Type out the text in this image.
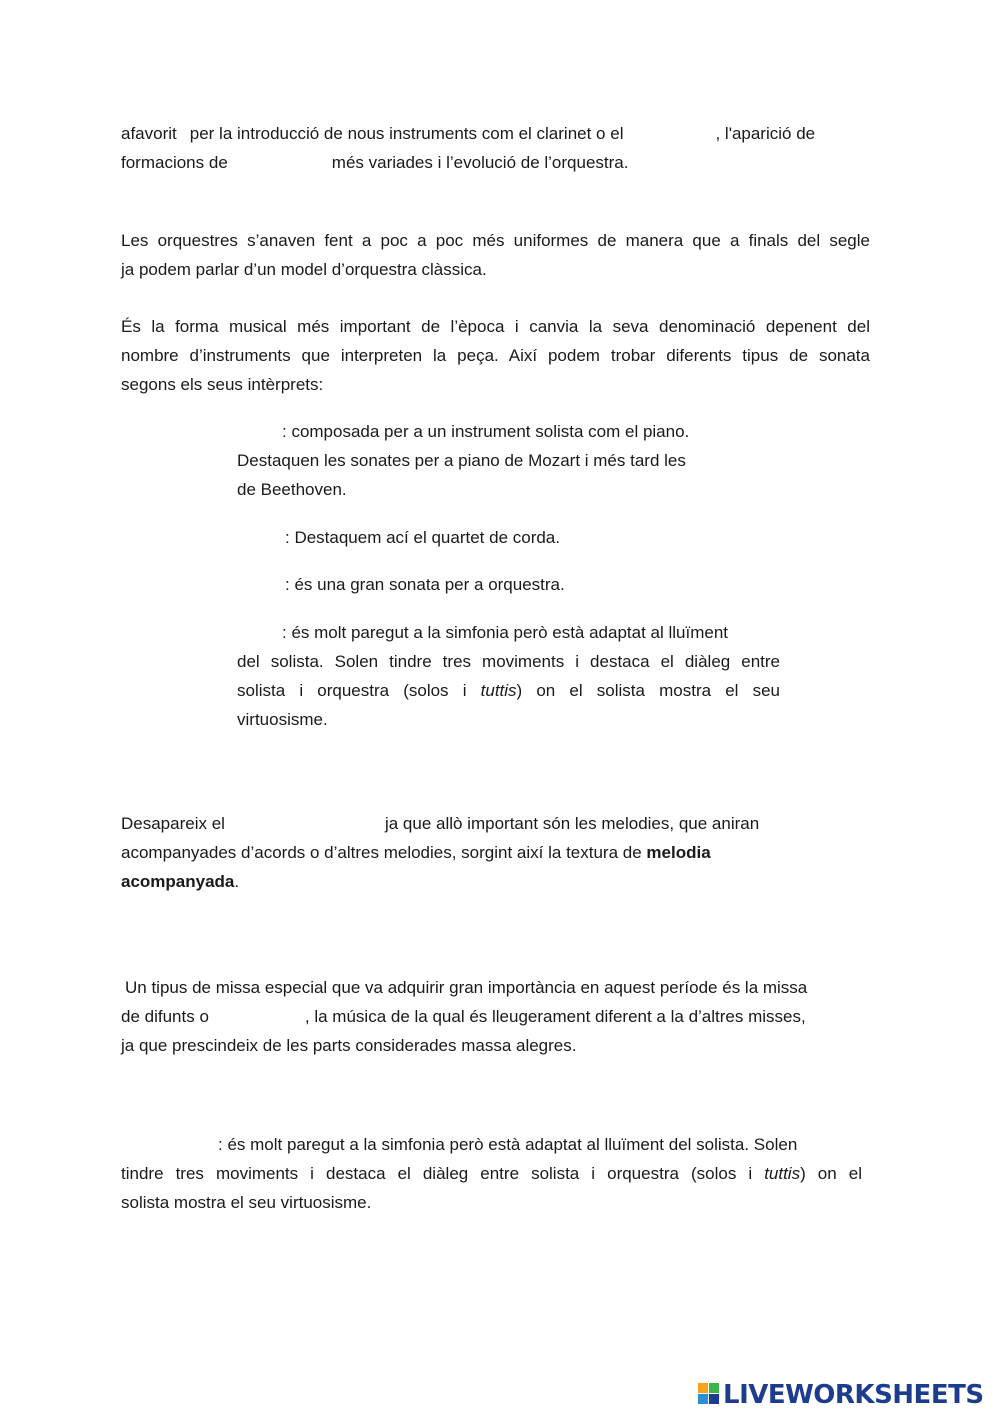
afavorit per la introducció de nous instruments com el clarinet o el	, l'aparició de
formacions de	més variades i l’evolució de l’orquestra.
Les orquestres s’anaven fent a poc a poc més uniformes de manera que a finals del segle
ja podem parlar d’un model d’orquestra clàssica.
És la forma musical més important de l’època i canvia la seva denominació depenent del
nombre d’instruments que interpreten la peça. Així podem trobar diferents tipus de sonata
segons els seus intèrprets:
: composada per a un instrument solista com el piano.
Destaquen les sonates per a piano de Mozart i més tard les
de Beethoven.
: Destaquem ací el quartet de corda.
: és una gran sonata per a orquestra.
: és molt paregut a la simfonia però està adaptat al lluïment
del solista. Solen tindre tres moviments i destaca el diàleg entre
solista i orquestra (solos i tuttis) on el solista mostra el seu
virtuosisme.
Desapareix el	ja que allò important són les melodies, que aniran
acompanyades d’acords o d’altres melodies, sorgint així la textura de melodia
acompanyada.
Un tipus de missa especial que va adquirir gran importància en aquest període és la missa
de difunts o	, la música de la qual és lleugerament diferent a la d’altres misses,
ja que prescindeix de les parts considerades massa alegres.
: és molt paregut a la simfonia però està adaptat al lluïment del solista. Solen
tindre tres moviments i destaca el diàleg entre solista i orquestra (solos i tuttis) on el
solista mostra el seu virtuosisme.
LIVEWORKSHEETS
